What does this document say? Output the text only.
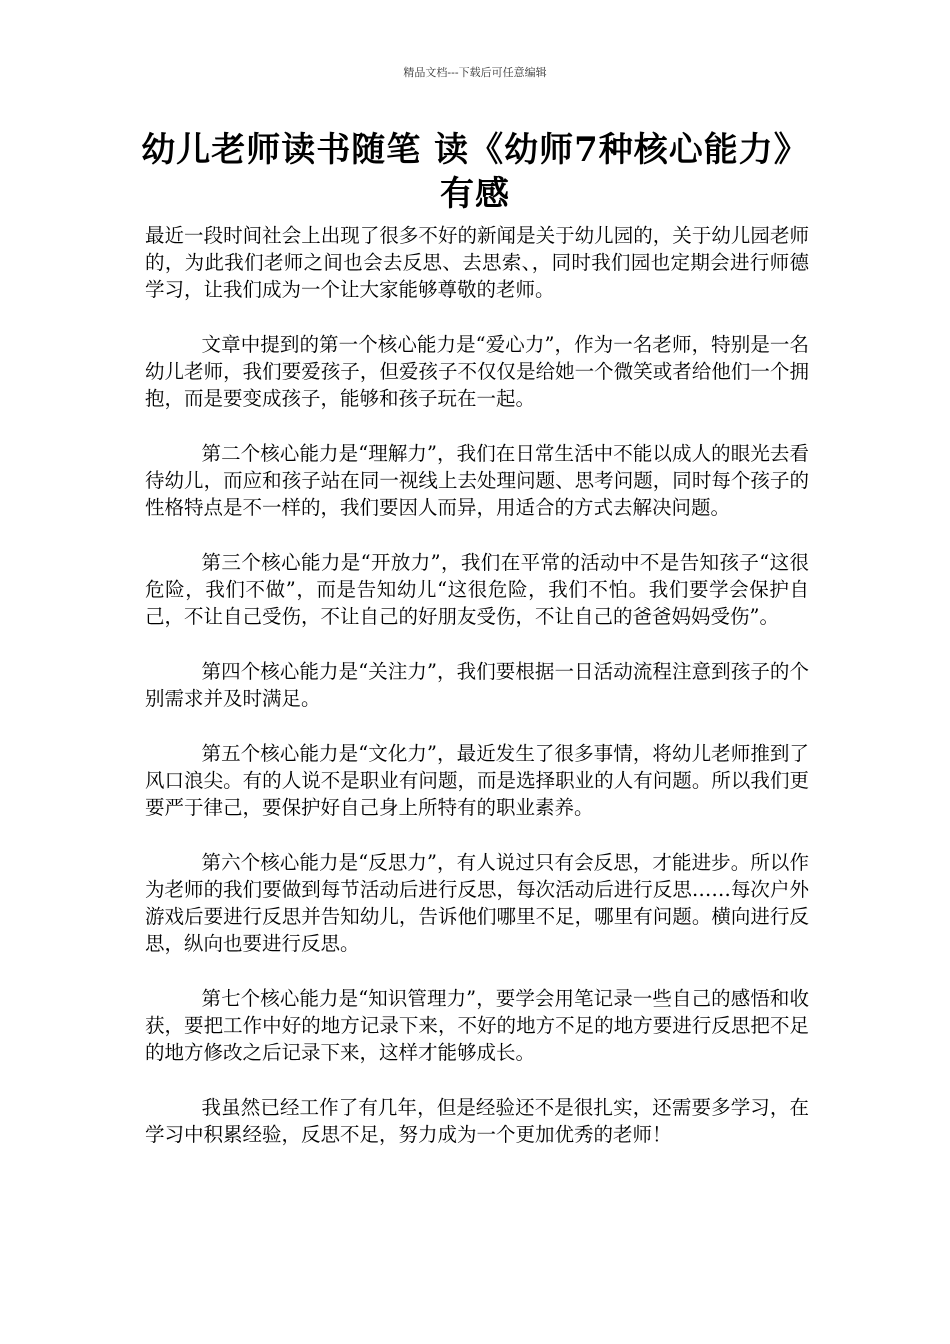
精品文档---下载后可任意编辑
幼儿老师读书随笔 读《幼师7种核心能力》有感

最近一段时间社会上出现了很多不好的新闻是关于幼儿园的，关于幼儿园老师的，为此我们老师之间也会去反思、去思索、，同时我们园也定期会进行师德学习，让我们成为一个让大家能够尊敬的老师。

文章中提到的第一个核心能力是“爱心力”，作为一名老师，特别是一名幼儿老师，我们要爱孩子，但爱孩子不仅仅是给她一个微笑或者给他们一个拥抱，而是要变成孩子，能够和孩子玩在一起。

第二个核心能力是“理解力”，我们在日常生活中不能以成人的眼光去看待幼儿，而应和孩子站在同一视线上去处理问题、思考问题，同时每个孩子的性格特点是不一样的，我们要因人而异，用适合的方式去解决问题。

第三个核心能力是“开放力”，我们在平常的活动中不是告知孩子“这很危险，我们不做”，而是告知幼儿“这很危险，我们不怕。我们要学会保护自己，不让自己受伤，不让自己的好朋友受伤，不让自己的爸爸妈妈受伤”。

第四个核心能力是“关注力”，我们要根据一日活动流程注意到孩子的个别需求并及时满足。

第五个核心能力是“文化力”，最近发生了很多事情，将幼儿老师推到了风口浪尖。有的人说不是职业有问题，而是选择职业的人有问题。所以我们更要严于律己，要保护好自己身上所特有的职业素养。

第六个核心能力是“反思力”，有人说过只有会反思，才能进步。所以作为老师的我们要做到每节活动后进行反思，每次活动后进行反思……每次户外游戏后要进行反思并告知幼儿，告诉他们哪里不足，哪里有问题。横向进行反思，纵向也要进行反思。

第七个核心能力是“知识管理力”，要学会用笔记录一些自己的感悟和收获，要把工作中好的地方记录下来，不好的地方不足的地方要进行反思把不足的地方修改之后记录下来，这样才能够成长。

我虽然已经工作了有几年，但是经验还不是很扎实，还需要多学习，在学习中积累经验，反思不足，努力成为一个更加优秀的老师！
